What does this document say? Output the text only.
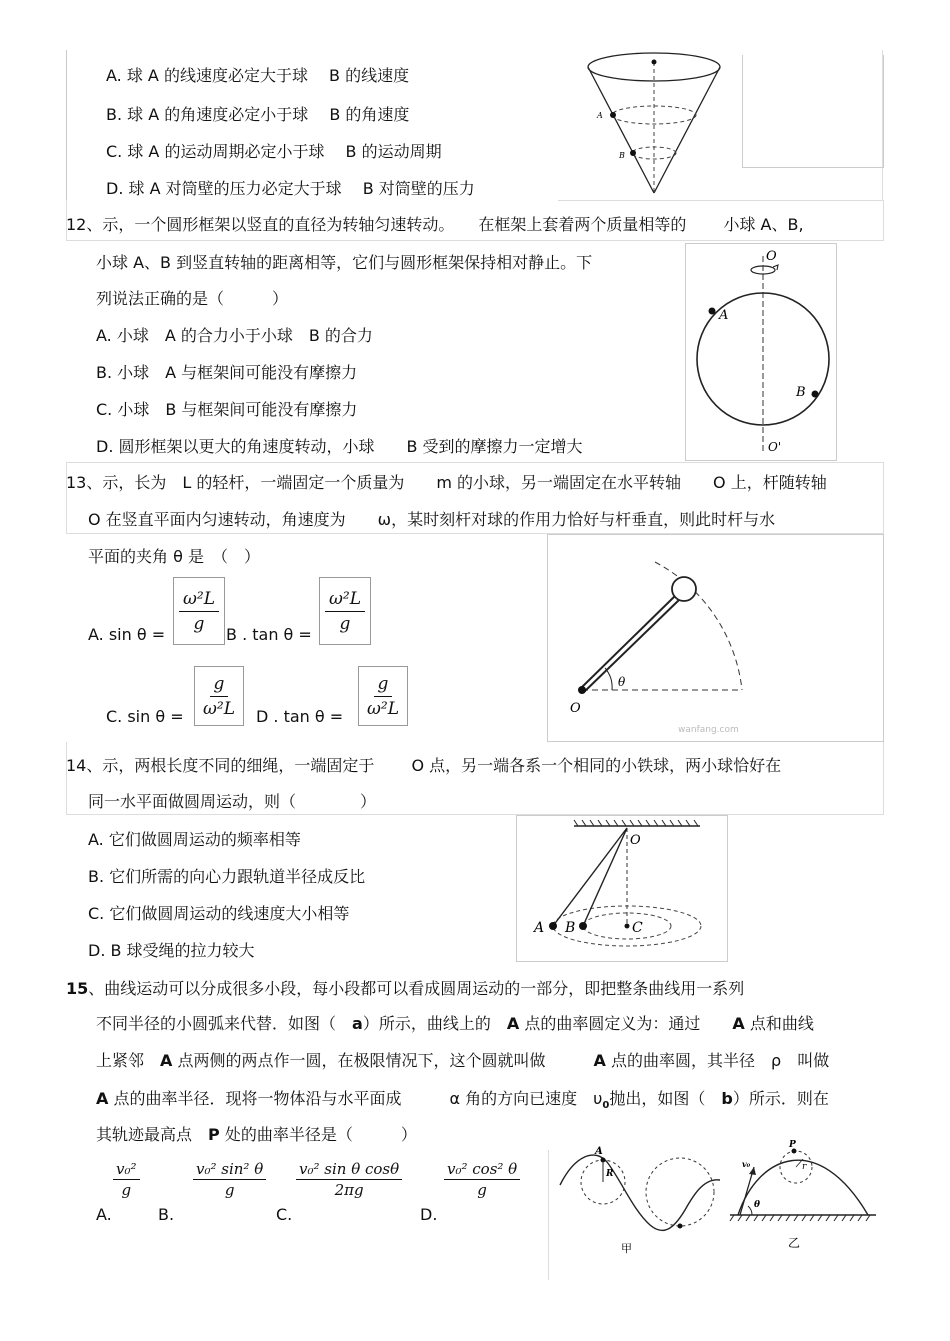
A. 球 A 的线速度必定大于球　 B 的线速度
B. 球 A 的角速度必定小于球　 B 的角速度
C. 球 A 的运动周期必定小于球　 B 的运动周期
D. 球 A 对筒壁的压力必定大于球　 B 对筒壁的压力
A
B
12、示，一个圆形框架以竖直的直径为转轴匀速转动。　　在框架上套着两个质量相等的　　 小球 A、B,
小球 A、B 到竖直转轴的距离相等，它们与圆形框架保持相对静止。下
列说法正确的是（　　　）
A. 小球　A 的合力小于小球　B 的合力
B. 小球　A 与框架间可能没有摩擦力
C. 小球　B 与框架间可能没有摩擦力
D. 圆形框架以更大的角速度转动，小球　　B 受到的摩擦力一定增大
O
A
B
O'
13、示，长为　L 的轻杆，一端固定一个质量为　　m 的小球，另一端固定在水平转轴　　O 上，杆随转轴
O 在竖直平面内匀速转动，角速度为　　ω，某时刻杆对球的作用力恰好与杆垂直，则此时杆与水
平面的夹角 θ 是　（　）
A. $\sin \theta = \frac{\text{ω²L}}{g}$ B . $\tan \theta = \frac{\text{ω²L}}{g}$
C. $\sin \theta = \frac{g}{\text{ω²L}}$ D . $\tan \theta = \frac{g}{\text{ω²L}}$	θ
O
wanfang.com
14、示，两根长度不同的细绳，一端固定于　　 O 点，另一端各系一个相同的小铁球，两小球恰好在
同一水平面做圆周运动，则（　　　　）
A. 它们做圆周运动的频率相等
B. 它们所需的向心力跟轨道半径成反比
C. 它们做圆周运动的线速度大小相等
D. B 球受绳的拉力较大
O
A B	C
15、曲线运动可以分成很多小段，每小段都可以看成圆周运动的一部分，即把整条曲线用一系列
不同半径的小圆弧来代替．如图（　 a）所示，曲线上的　 A 点的曲率圆定义为：通过　　 A 点和曲线
上紧邻　 A 点两侧的两点作一圆，在极限情况下，这个圆就叫做　　　	A 点的曲率圆，其半径　ρ　叫做
A 点的曲率半径．现将一物体沿与水平面成　　　α 角的方向已速度　$\upsilon_0$抛出，如图（　 b）所示．则在
其轨迹最高点　 P 处的曲率半径是（　　　）
A.
$\frac{\text{v₀²}}{g}$
B.
$\frac{\text{v₀² sin² θ}}{g}$
C.
$\frac{\text{v₀² sin θ cosθ}}{2\pi g}$
D.
$\frac{\text{v₀² cos² θ}}{g}$
A
R
甲
P
r
v₀
θ
乙
